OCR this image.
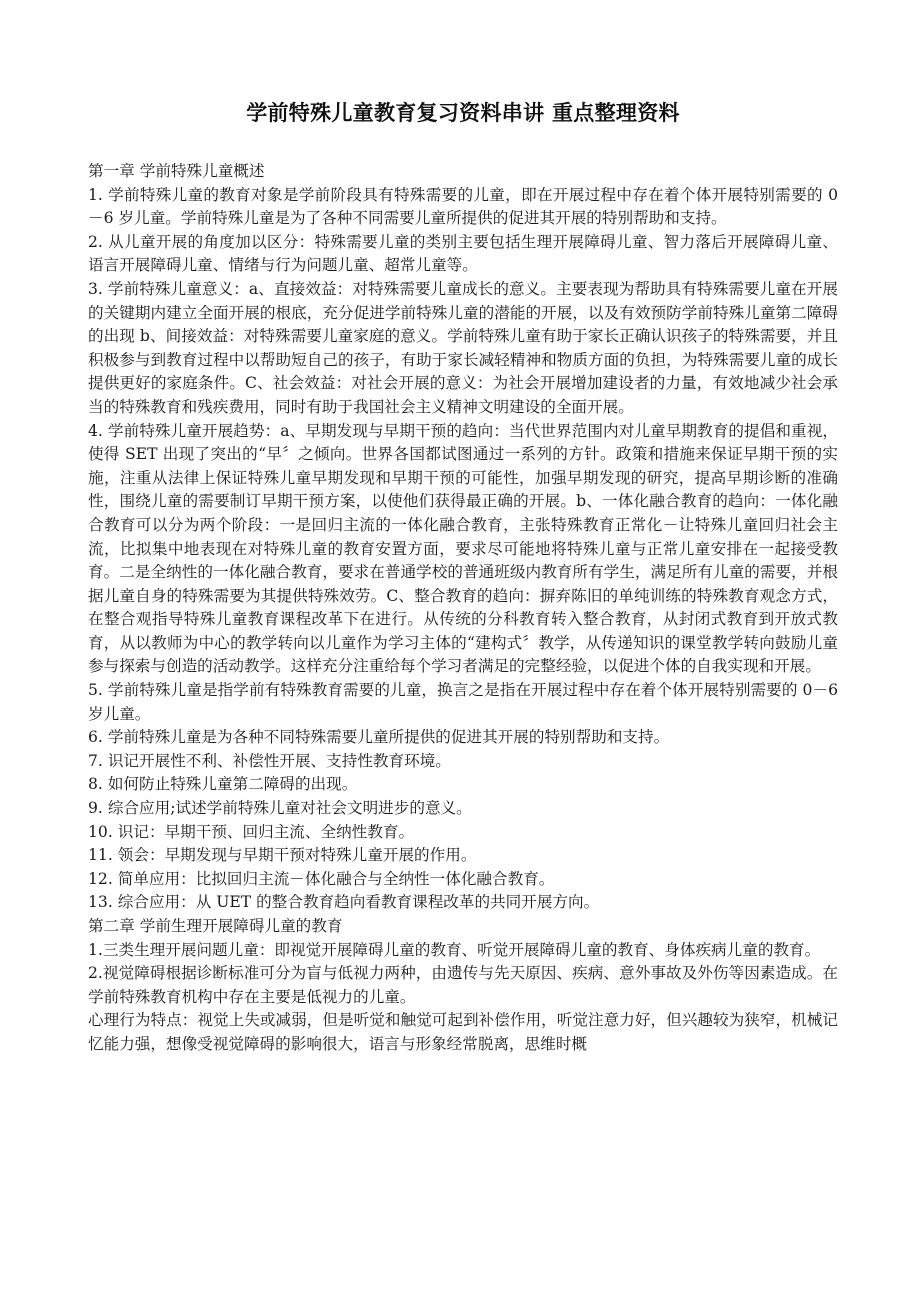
学前特殊儿童教育复习资料串讲 重点整理资料

第一章 学前特殊儿童概述

1. 学前特殊儿童的教育对象是学前阶段具有特殊需要的儿童，即在开展过程中存在着个体开展特别需要的 0－6 岁儿童。学前特殊儿童是为了各种不同需要儿童所提供的促进其开展的特别帮助和支持。

2. 从儿童开展的角度加以区分：特殊需要儿童的类别主要包括生理开展障碍儿童、智力落后开展障碍儿童、语言开展障碍儿童、情绪与行为问题儿童、超常儿童等。

3. 学前特殊儿童意义：a、直接效益：对特殊需要儿童成长的意义。主要表现为帮助具有特殊需要儿童在开展的关键期内建立全面开展的根底，充分促进学前特殊儿童的潜能的开展，以及有效预防学前特殊儿童第二障碍的出现 b、间接效益：对特殊需要儿童家庭的意义。学前特殊儿童有助于家长正确认识孩子的特殊需要，并且积极参与到教育过程中以帮助短自己的孩子，有助于家长减轻精神和物质方面的负担，为特殊需要儿童的成长提供更好的家庭条件。C、社会效益：对社会开展的意义：为社会开展增加建设者的力量，有效地减少社会承当的特殊教育和残疾费用，同时有助于我国社会主义精神文明建设的全面开展。

4. 学前特殊儿童开展趋势：a、早期发现与早期干预的趋向：当代世界范围内对儿童早期教育的提倡和重视，使得 SET 出现了突出的“早〞之倾向。世界各国都试图通过一系列的方针。政策和措施来保证早期干预的实施，注重从法律上保证特殊儿童早期发现和早期干预的可能性，加强早期发现的研究，提高早期诊断的准确性，围绕儿童的需要制订早期干预方案，以使他们获得最正确的开展。b、一体化融合教育的趋向：一体化融合教育可以分为两个阶段：一是回归主流的一体化融合教育，主张特殊教育正常化－让特殊儿童回归社会主流，比拟集中地表现在对特殊儿童的教育安置方面，要求尽可能地将特殊儿童与正常儿童安排在一起接受教育。二是全纳性的一体化融合教育，要求在普通学校的普通班级内教育所有学生，满足所有儿童的需要，并根据儿童自身的特殊需要为其提供特殊效劳。C、整合教育的趋向：摒弃陈旧的单纯训练的特殊教育观念方式，在整合观指导特殊儿童教育课程改革下在进行。从传统的分科教育转入整合教育，从封闭式教育到开放式教育，从以教师为中心的教学转向以儿童作为学习主体的“建构式〞教学，从传递知识的课堂教学转向鼓励儿童参与探索与创造的活动教学。这样充分注重给每个学习者满足的完整经验，以促进个体的自我实现和开展。

5. 学前特殊儿童是指学前有特殊教育需要的儿童，换言之是指在开展过程中存在着个体开展特别需要的 0－6 岁儿童。

6. 学前特殊儿童是为各种不同特殊需要儿童所提供的促进其开展的特别帮助和支持。

7. 识记开展性不利、补偿性开展、支持性教育环境。

8. 如何防止特殊儿童第二障碍的出现。

9. 综合应用;试述学前特殊儿童对社会文明进步的意义。

10. 识记：早期干预、回归主流、全纳性教育。

11. 领会：早期发现与早期干预对特殊儿童开展的作用。

12. 简单应用：比拟回归主流－体化融合与全纳性一体化融合教育。

13. 综合应用：从 UET 的整合教育趋向看教育课程改革的共同开展方向。

第二章 学前生理开展障碍儿童的教育

1.三类生理开展问题儿童：即视觉开展障碍儿童的教育、听觉开展障碍儿童的教育、身体疾病儿童的教育。

2.视觉障碍根据诊断标准可分为盲与低视力两种，由遗传与先天原因、疾病、意外事故及外伤等因素造成。在学前特殊教育机构中存在主要是低视力的儿童。

心理行为特点：视觉上失或减弱，但是听觉和触觉可起到补偿作用，听觉注意力好，但兴趣较为狭窄，机械记忆能力强，想像受视觉障碍的影响很大，语言与形象经常脱离，思维时概
